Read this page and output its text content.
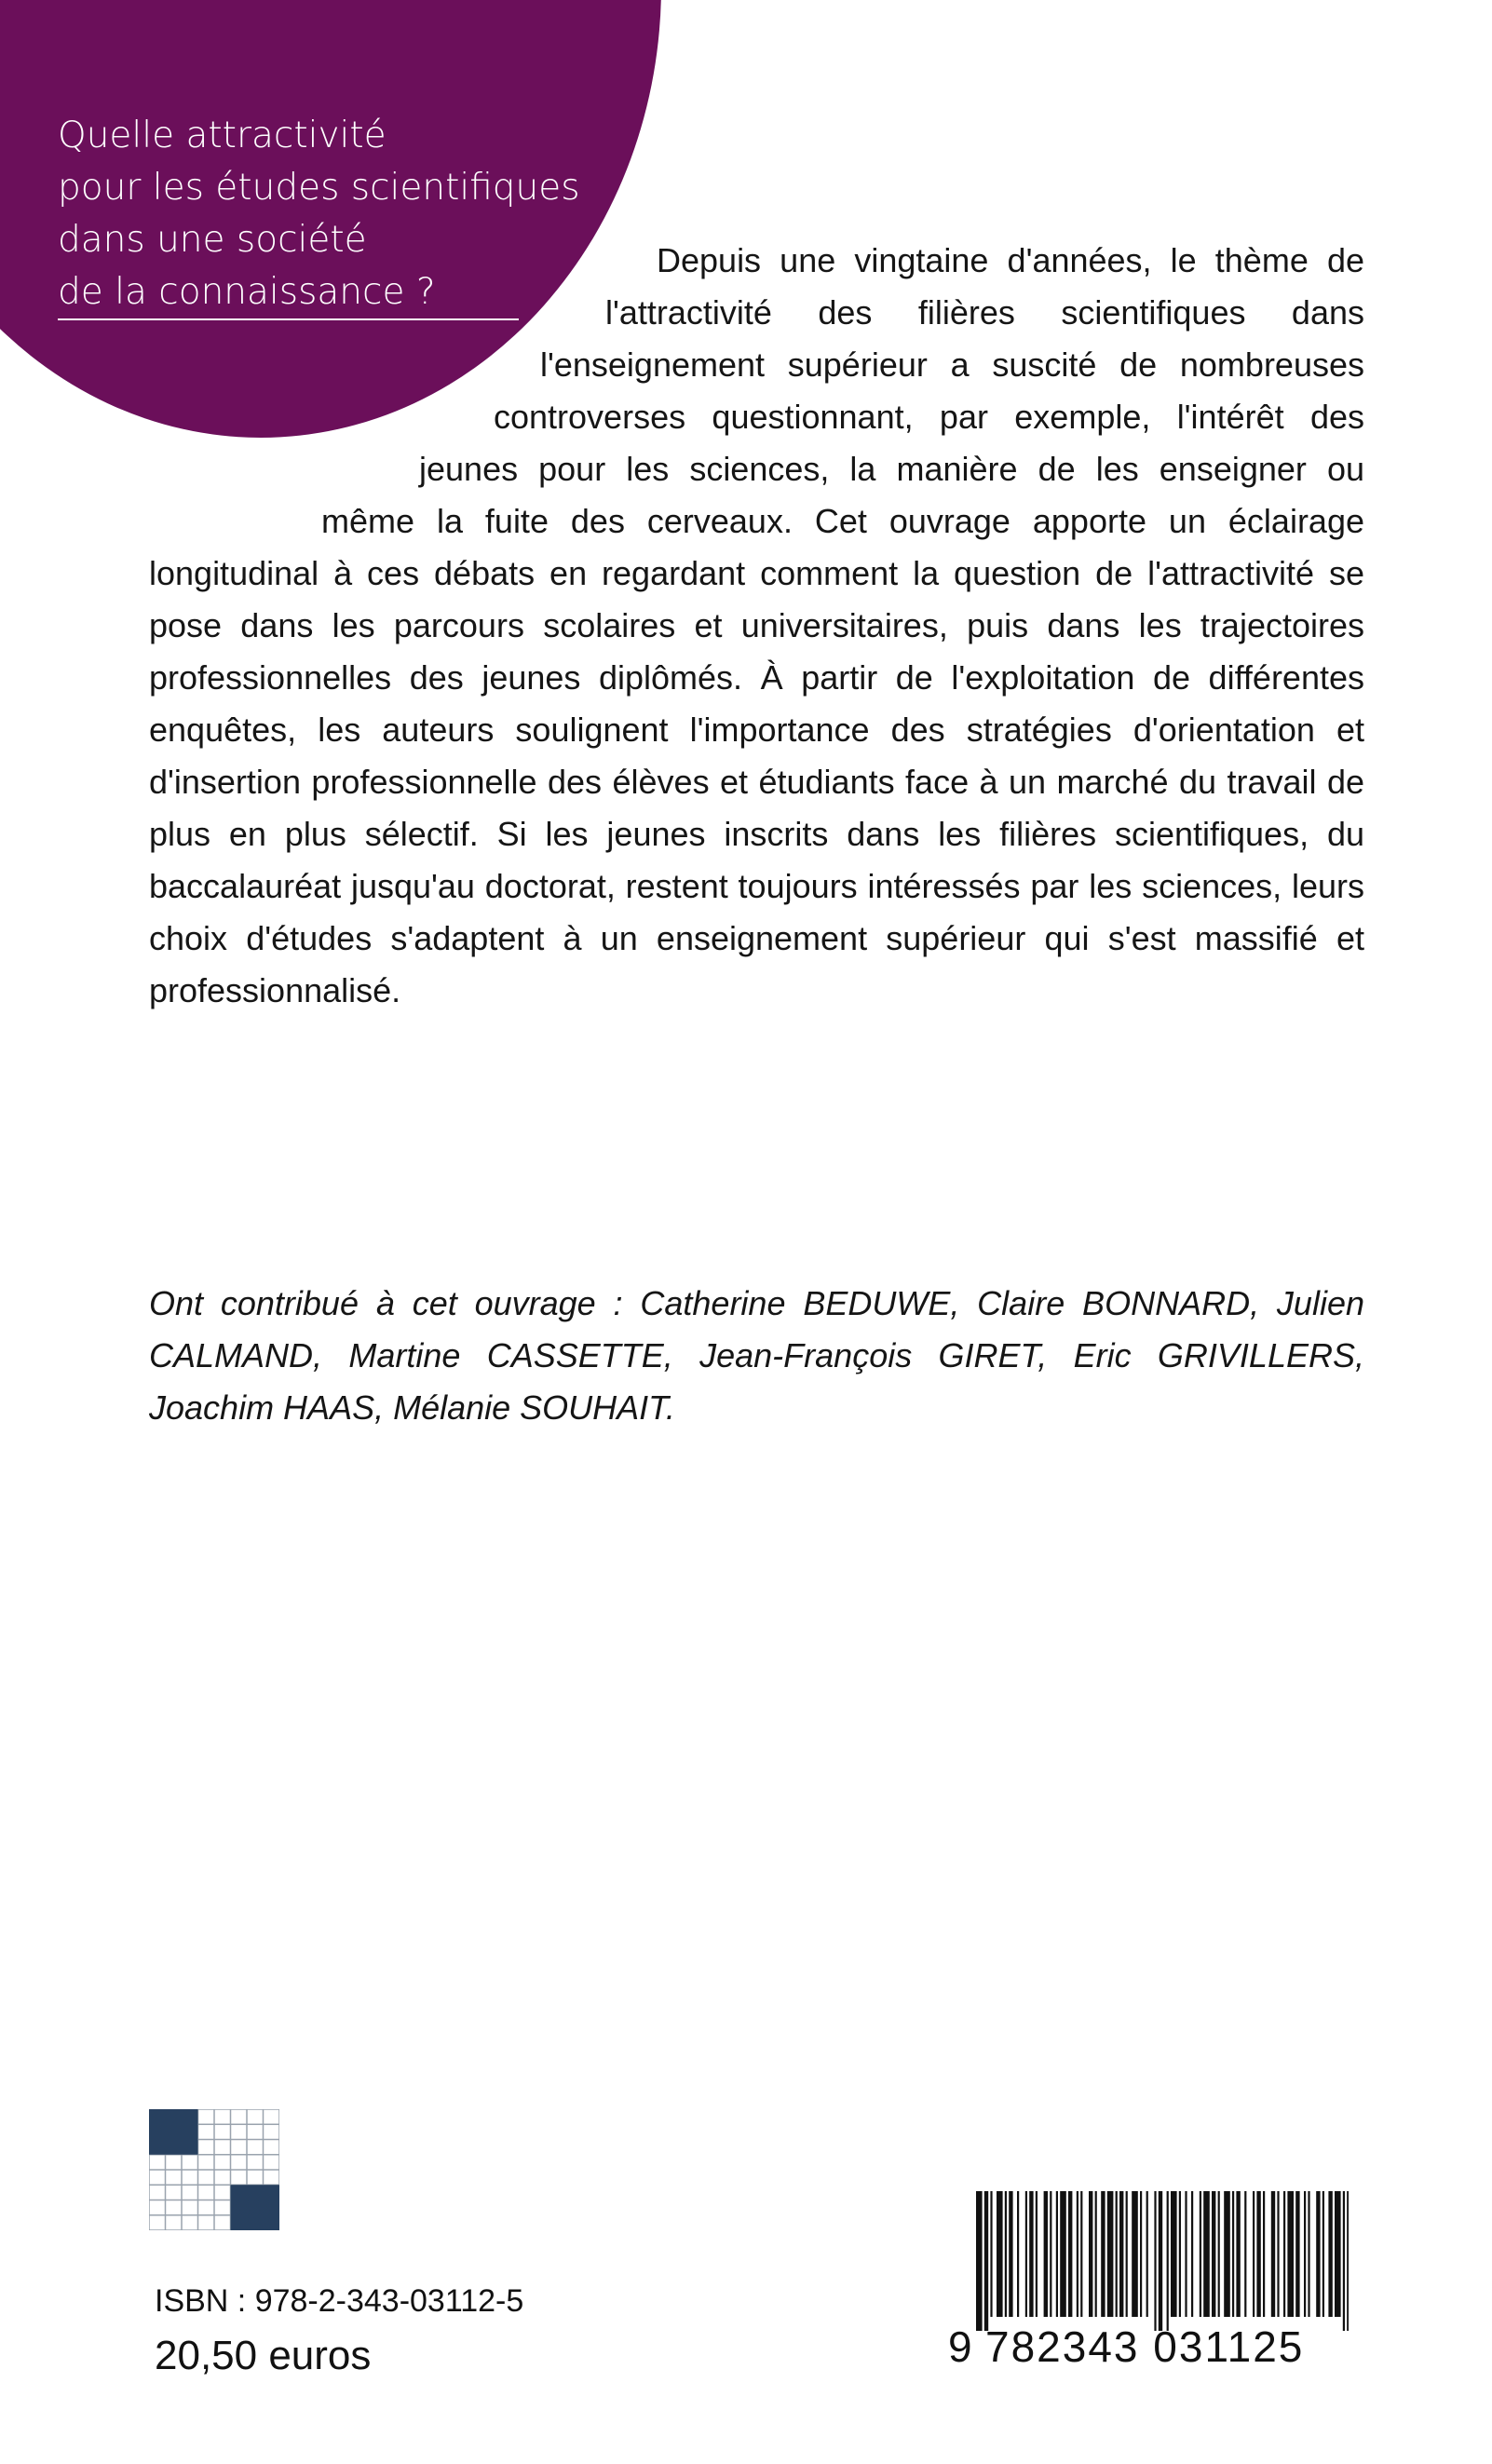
Quelle attractivité
pour les études scientifiques
dans une société
de la connaissance ?
Depuis une vingtaine d'années, le thème de l'attractivité des filières scientifiques dans l'enseignement supérieur a suscité de nombreuses controverses questionnant, par exemple, l'intérêt des jeunes pour les sciences, la manière de les enseigner ou même la fuite des cerveaux. Cet ouvrage apporte un éclairage longitudinal à ces débats en regardant comment la question de l'attractivité se pose dans les parcours scolaires et universitaires, puis dans les trajectoires professionnelles des jeunes diplômés. À partir de l'exploitation de différentes enquêtes, les auteurs soulignent l'importance des stratégies d'orientation et d'insertion professionnelle des élèves et étudiants face à un marché du travail de plus en plus sélectif. Si les jeunes inscrits dans les filières scientifiques, du baccalauréat jusqu'au doctorat, restent toujours intéressés par les sciences, leurs choix d'études s'adaptent à un enseignement supérieur qui s'est massifié et professionnalisé.
Ont contribué à cet ouvrage : Catherine BEDUWE, Claire BONNARD, Julien CALMAND, Martine CASSETTE, Jean-François GIRET, Eric GRIVILLERS, Joachim HAAS, Mélanie SOUHAIT.
ISBN : 978-2-343-03112-5
20,50 euros	9 782343 031125
